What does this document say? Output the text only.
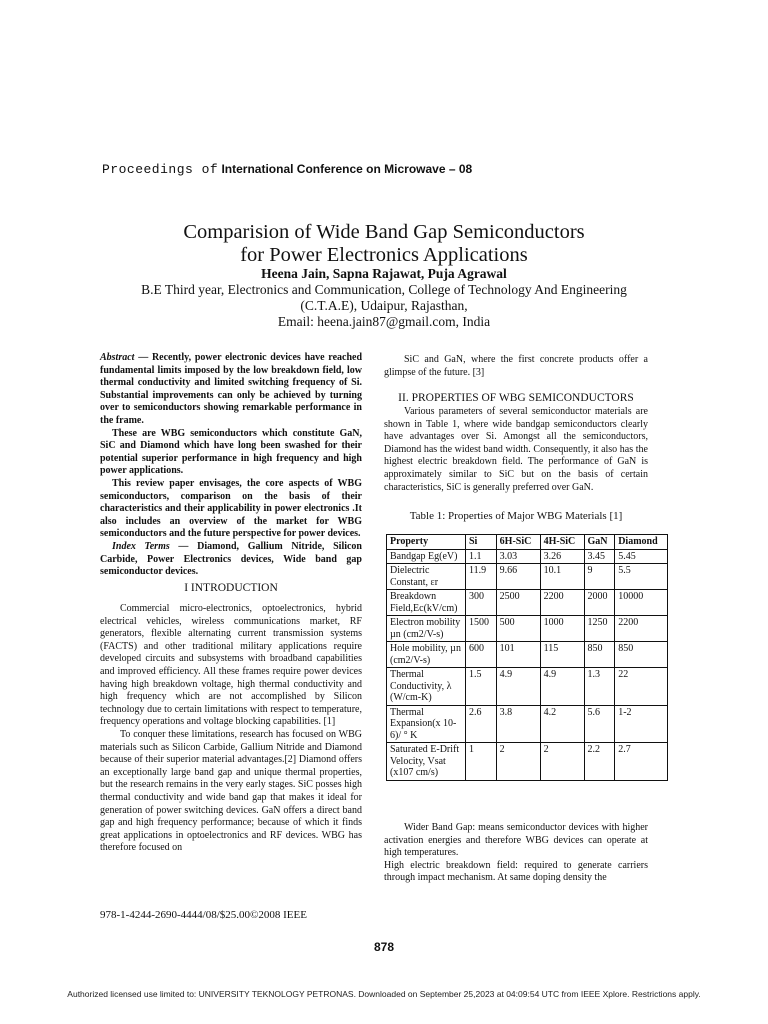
Proceedings of International Conference on Microwave – 08
Comparision of Wide Band Gap Semiconductors
for Power Electronics Applications
Heena Jain, Sapna Rajawat, Puja Agrawal
B.E Third year, Electronics and Communication, College of Technology And Engineering
(C.T.A.E), Udaipur, Rajasthan,
Email: heena.jain87@gmail.com, India

Abstract — Recently, power electronic devices have reached fundamental limits imposed by the low breakdown field, low thermal conductivity and limited switching frequency of Si. Substantial improvements can only be achieved by turning over to semiconductors showing remarkable performance in the frame.

These are WBG semiconductors which constitute GaN, SiC and Diamond which have long been swashed for their potential superior performance in high frequency and high power applications.

This review paper envisages, the core aspects of WBG semiconductors, comparison on the basis of their characteristics and their applicability in power electronics .It also includes an overview of the market for WBG semiconductors and the future perspective for power devices.

Index Terms — Diamond, Gallium Nitride, Silicon Carbide, Power Electronics devices, Wide band gap semiconductor devices.

I INTRODUCTION

Commercial micro-electronics, optoelectronics, hybrid electrical vehicles, wireless communications market, RF generators, flexible alternating current transmission systems (FACTS) and other traditional military applications require developed circuits and subsystems with broadband capabilities and improved efficiency. All these frames require power devices having high breakdown voltage, high thermal conductivity and high frequency which are not accomplished by Silicon technology due to certain limitations with respect to temperature, frequency operations and voltage blocking capabilities. [1]

To conquer these limitations, research has focused on WBG materials such as Silicon Carbide, Gallium Nitride and Diamond because of their superior material advantages.[2] Diamond offers an exceptionally large band gap and unique thermal properties, but the research remains in the very early stages. SiC posses high thermal conductivity and wide band gap that makes it ideal for generation of power switching devices. GaN offers a direct band gap and high frequency performance; because of which it finds great applications in optoelectronics and RF devices. WBG has therefore focused on

SiC and GaN, where the first concrete products offer a glimpse of the future. [3]

II. PROPERTIES OF WBG SEMICONDUCTORS

Various parameters of several semiconductor materials are shown in Table 1, where wide bandgap semiconductors clearly have advantages over Si. Amongst all the semiconductors, Diamond has the widest band width. Consequently, it also has the highest electric breakdown field. The performance of GaN is approximately similar to SiC but on the basis of certain characteristics, SiC is generally preferred over GaN.

Table 1: Properties of Major WBG Materials [1]
Property	Si	6H-SiC	4H-SiC	GaN	Diamond
Bandgap Eg(eV)	1.1	3.03	3.26	3.45	5.45
Dielectric Constant, εr	11.9	9.66	10.1	9	5.5
Breakdown Field,Ec(kV/cm)	300	2500	2200	2000	10000
Electron mobility µn (cm2/V-s)	1500	500	1000	1250	2200
Hole mobility, µn (cm2/V-s)	600	101	115	850	850
Thermal Conductivity, λ (W/cm-K)	1.5	4.9	4.9	1.3	22
Thermal Expansion(x 10-6)/ ° K	2.6	3.8	4.2	5.6	1-2
Saturated E-Drift Velocity, Vsat (x107 cm/s)	1	2	2	2.2	2.7

Wider Band Gap: means semiconductor devices with higher activation energies and therefore WBG devices can operate at high temperatures.

High electric breakdown field: required to generate carriers through impact mechanism. At same doping density the

978-1-4244-2690-4444/08/$25.00©2008 IEEE
878
Authorized licensed use limited to: UNIVERSITY TEKNOLOGY PETRONAS. Downloaded on September 25,2023 at 04:09:54 UTC from IEEE Xplore. Restrictions apply.
